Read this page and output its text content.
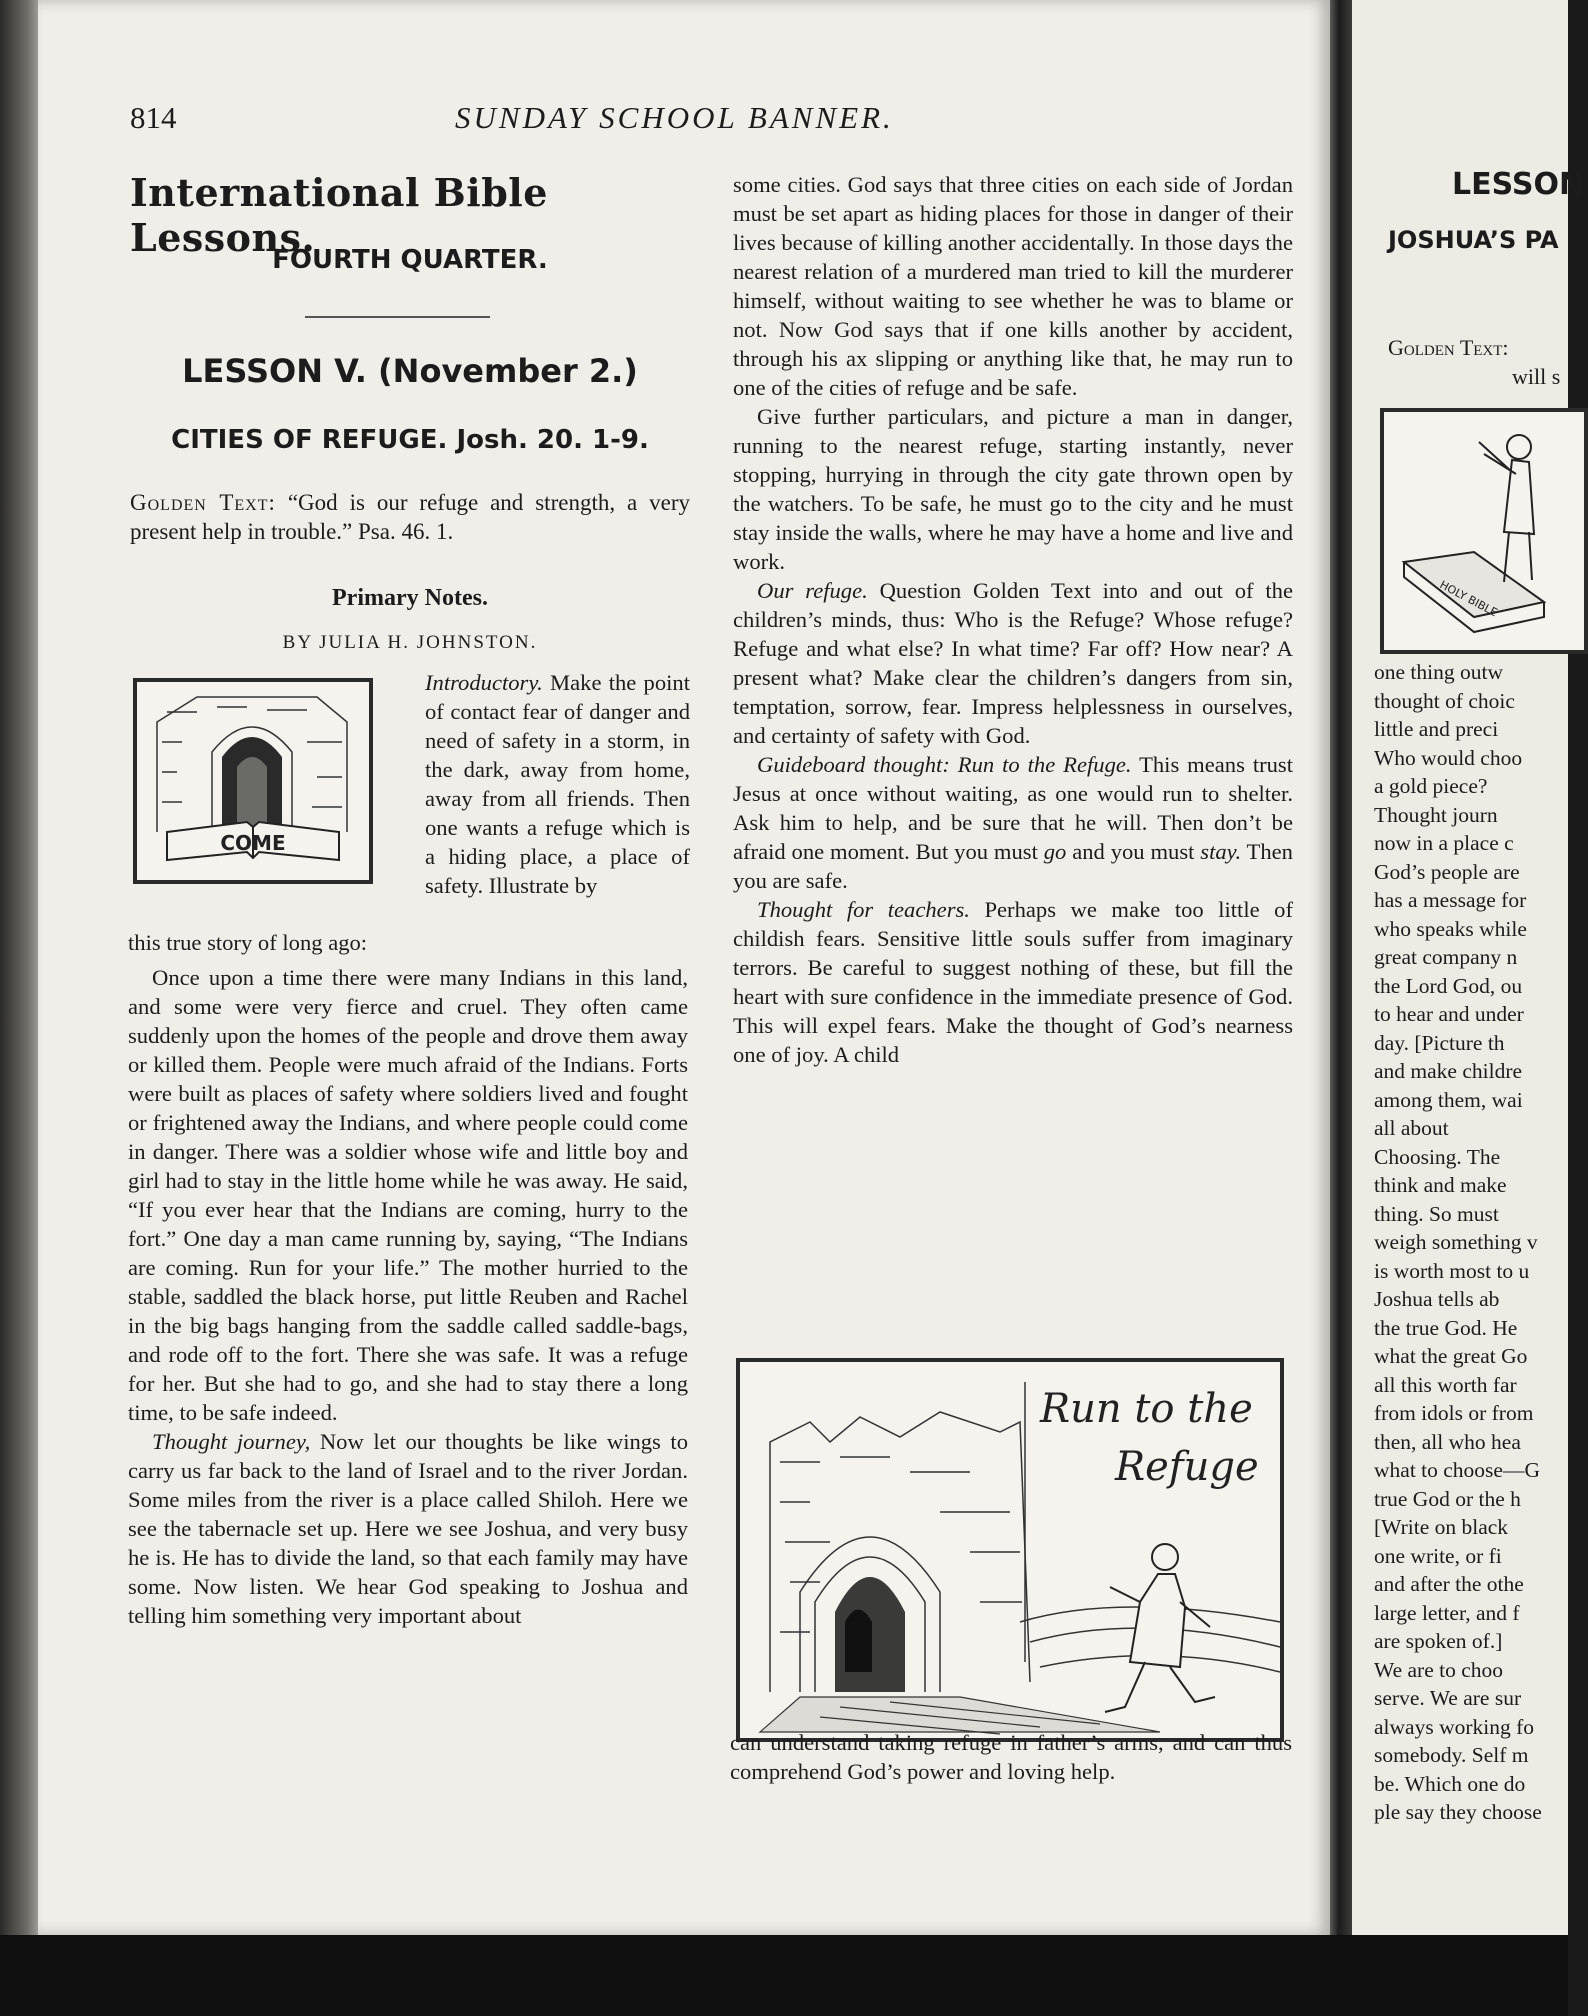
814	SUNDAY SCHOOL BANNER.
International Bible Lessons.
FOURTH QUARTER.
LESSON V. (November 2.)
CITIES OF REFUGE. Josh. 20. 1-9.
Golden Text: “God is our refuge and strength, a very present help in trouble.” Psa. 46. 1.
Primary Notes.
BY JULIA H. JOHNSTON.
COME
Introductory. Make the point of contact fear of danger and need of safety in a storm, in the dark, away from home, away from all friends. Then one wants a refuge which is a hiding place, a place of safety. Illustrate by
this true story of long ago:

Once upon a time there were many Indians in this land, and some were very fierce and cruel. They often came suddenly upon the homes of the people and drove them away or killed them. People were much afraid of the Indians. Forts were built as places of safety where soldiers lived and fought or frightened away the Indians, and where people could come in danger. There was a soldier whose wife and little boy and girl had to stay in the little home while he was away. He said, “If you ever hear that the Indians are coming, hurry to the fort.” One day a man came running by, saying, “The Indians are coming. Run for your life.” The mother hurried to the stable, saddled the black horse, put little Reuben and Rachel in the big bags hanging from the saddle called saddle-bags, and rode off to the fort. There she was safe. It was a refuge for her. But she had to go, and she had to stay there a long time, to be safe indeed.

Thought journey, Now let our thoughts be like wings to carry us far back to the land of Israel and to the river Jordan. Some miles from the river is a place called Shiloh. Here we see the tabernacle set up. Here we see Joshua, and very busy he is. He has to divide the land, so that each family may have some. Now listen. We hear God speaking to Joshua and telling him something very important about

some cities. God says that three cities on each side of Jordan must be set apart as hiding places for those in danger of their lives because of killing another accidentally. In those days the nearest relation of a murdered man tried to kill the murderer himself, without waiting to see whether he was to blame or not. Now God says that if one kills another by accident, through his ax slipping or anything like that, he may run to one of the cities of refuge and be safe.

Give further particulars, and picture a man in danger, running to the nearest refuge, starting instantly, never stopping, hurrying in through the city gate thrown open by the watchers. To be safe, he must go to the city and he must stay inside the walls, where he may have a home and live and work.

Our refuge. Question Golden Text into and out of the children’s minds, thus: Who is the Refuge? Whose refuge? Refuge and what else? In what time? Far off? How near? A present what? Make clear the children’s dangers from sin, temptation, sorrow, fear. Impress helplessness in ourselves, and certainty of safety with God.

Guideboard thought: Run to the Refuge. This means trust Jesus at once without waiting, as one would run to shelter. Ask him to help, and be sure that he will. Then don’t be afraid one moment. But you must go and you must stay. Then you are safe.

Thought for teachers. Perhaps we make too little of childish fears. Sensitive little souls suffer from imaginary terrors. Be careful to suggest nothing of these, but fill the heart with sure confidence in the immediate presence of God. This will expel fears. Make the thought of God’s nearness one of joy. A child

Run to the
Refuge

can understand taking refuge in father’s arms, and can thus comprehend God’s power and loving help.

LESSON
JOSHUA’S PA
Golden Text:
will s
HOLY BIBLE
one thing outw
thought of choic
little and preci
Who would choo
a gold piece?
Thought journ
now in a place c
God’s people are
has a message for
who speaks while
great company n
the Lord God, ou
to hear and under
day. [Picture th
and make childre
among them, wai
all about
Choosing. The
think and make
thing. So must
weigh something v
is worth most to u
Joshua tells ab
the true God. He
what the great Go
all this worth far
from idols or from
then, all who hea
what to choose—G
true God or the h
[Write on black
one write, or fi
and after the othe
large letter, and f
are spoken of.]
We are to choo
serve. We are sur
always working fo
somebody. Self m
be. Which one do
ple say they choose
